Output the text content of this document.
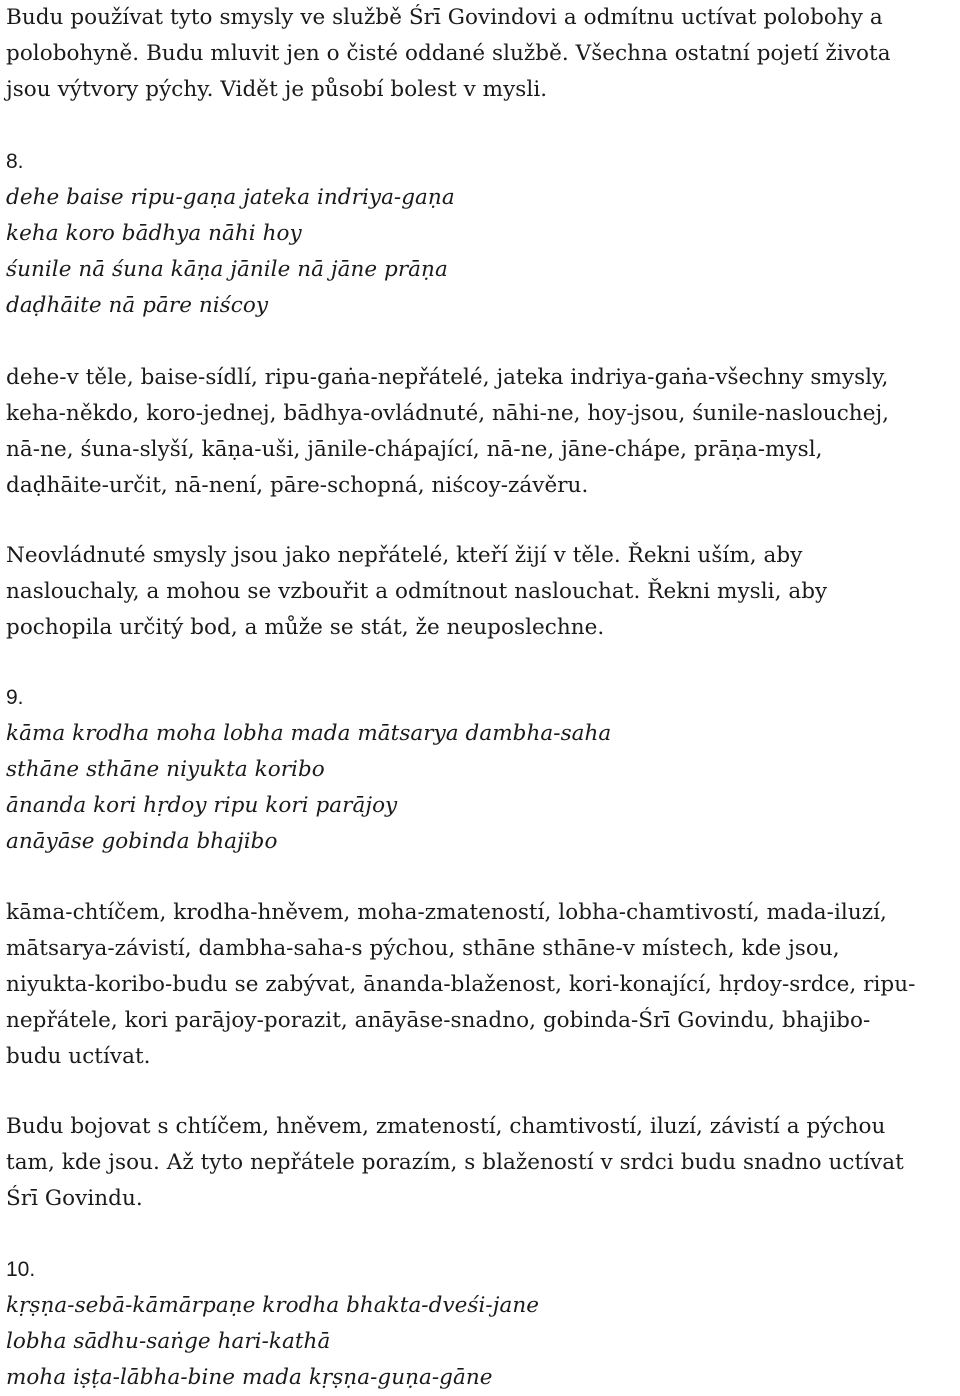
Budu používat tyto smysly ve službě Śrī Govindovi a odmítnu uctívat polobohy a
polobohyně. Budu mluvit jen o čisté oddané službě. Všechna ostatní pojetí života
jsou výtvory pýchy. Vidět je působí bolest v mysli.
8.
dehe baise ripu-gaṇa jateka indriya-gaṇa
keha koro bādhya nāhi hoy
śunile nā śuna kāṇa jānile nā jāne prāṇa
daḍhāite nā pāre niścoy
dehe-v těle, baise-sídlí, ripu-gaṅa-nepřátelé, jateka indriya-gaṅa-všechny smysly,
keha-někdo, koro-jednej, bādhya-ovládnuté, nāhi-ne, hoy-jsou, śunile-naslouchej,
nā-ne, śuna-slyší, kāṇa-uši, jānile-chápající, nā-ne, jāne-chápe, prāṇa-mysl,
daḍhāite-určit, nā-není, pāre-schopná, niścoy-závěru.
Neovládnuté smysly jsou jako nepřátelé, kteří žijí v těle. Řekni uším, aby
naslouchaly, a mohou se vzbouřit a odmítnout naslouchat. Řekni mysli, aby
pochopila určitý bod, a může se stát, že neuposlechne.
9.
kāma krodha moha lobha mada mātsarya dambha-saha
sthāne sthāne niyukta koribo
ānanda kori hṛdoy ripu kori parājoy
anāyāse gobinda bhajibo
kāma-chtíčem, krodha-hněvem, moha-zmateností, lobha-chamtivostí, mada-iluzí,
mātsarya-závistí, dambha-saha-s pýchou, sthāne sthāne-v místech, kde jsou,
niyukta-koribo-budu se zabývat, ānanda-blaženost, kori-konající, hṛdoy-srdce, ripu-
nepřátele, kori parājoy-porazit, anāyāse-snadno, gobinda-Śrī Govindu, bhajibo-
budu uctívat.
Budu bojovat s chtíčem, hněvem, zmateností, chamtivostí, iluzí, závistí a pýchou
tam, kde jsou. Až tyto nepřátele porazím, s blažeností v srdci budu snadno uctívat
Śrī Govindu.
10.
kṛṣṇa-sebā-kāmārpaṇe krodha bhakta-dveśi-jane
lobha sādhu-saṅge hari-kathā
moha iṣṭa-lābha-bine mada kṛṣṇa-guṇa-gāne
